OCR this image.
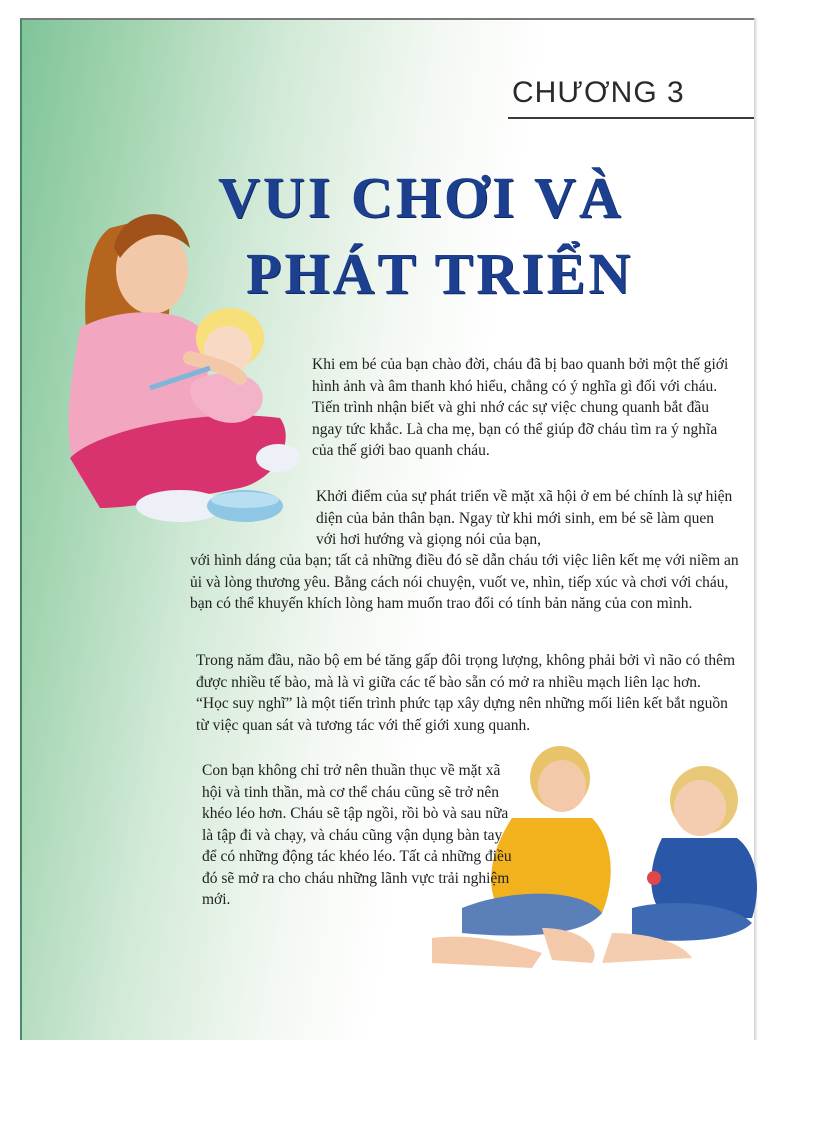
CHƯƠNG 3
VUI CHƠI VÀ
PHÁT TRIỂN

Khi em bé của bạn chào đời, cháu đã bị bao quanh bởi một thế giới hình ảnh và âm thanh khó hiểu, chẳng có ý nghĩa gì đối với cháu. Tiến trình nhận biết và ghi nhớ các sự việc chung quanh bắt đầu ngay tức khắc. Là cha mẹ, bạn có thể giúp đỡ cháu tìm ra ý nghĩa của thế giới bao quanh cháu.

Khởi điểm của sự phát triển về mặt xã hội ở em bé chính là sự hiện diện của bản thân bạn. Ngay từ khi mới sinh, em bé sẽ làm quen với hơi hướng và giọng nói của bạn,

với hình dáng của bạn; tất cả những điều đó sẽ dẫn cháu tới việc liên kết mẹ với niềm an ủi và lòng thương yêu. Bằng cách nói chuyện, vuốt ve, nhìn, tiếp xúc và chơi với cháu, bạn có thể khuyến khích lòng ham muốn trao đổi có tính bản năng của con mình.

Trong năm đầu, não bộ em bé tăng gấp đôi trọng lượng, không phải bởi vì não có thêm được nhiều tế bào, mà là vì giữa các tế bào sẵn có mở ra nhiều mạch liên lạc hơn. “Học suy nghĩ” là một tiến trình phức tạp xây dựng nên những mối liên kết bắt nguồn từ việc quan sát và tương tác với thế giới xung quanh.

Con bạn không chỉ trở nên thuần thục về mặt xã hội và tinh thần, mà cơ thể cháu cũng sẽ trở nên khéo léo hơn. Cháu sẽ tập ngồi, rồi bò và sau nữa là tập đi và chạy, và cháu cũng vận dụng bàn tay để có những động tác khéo léo. Tất cả những điều đó sẽ mở ra cho cháu những lãnh vực trải nghiệm mới.
